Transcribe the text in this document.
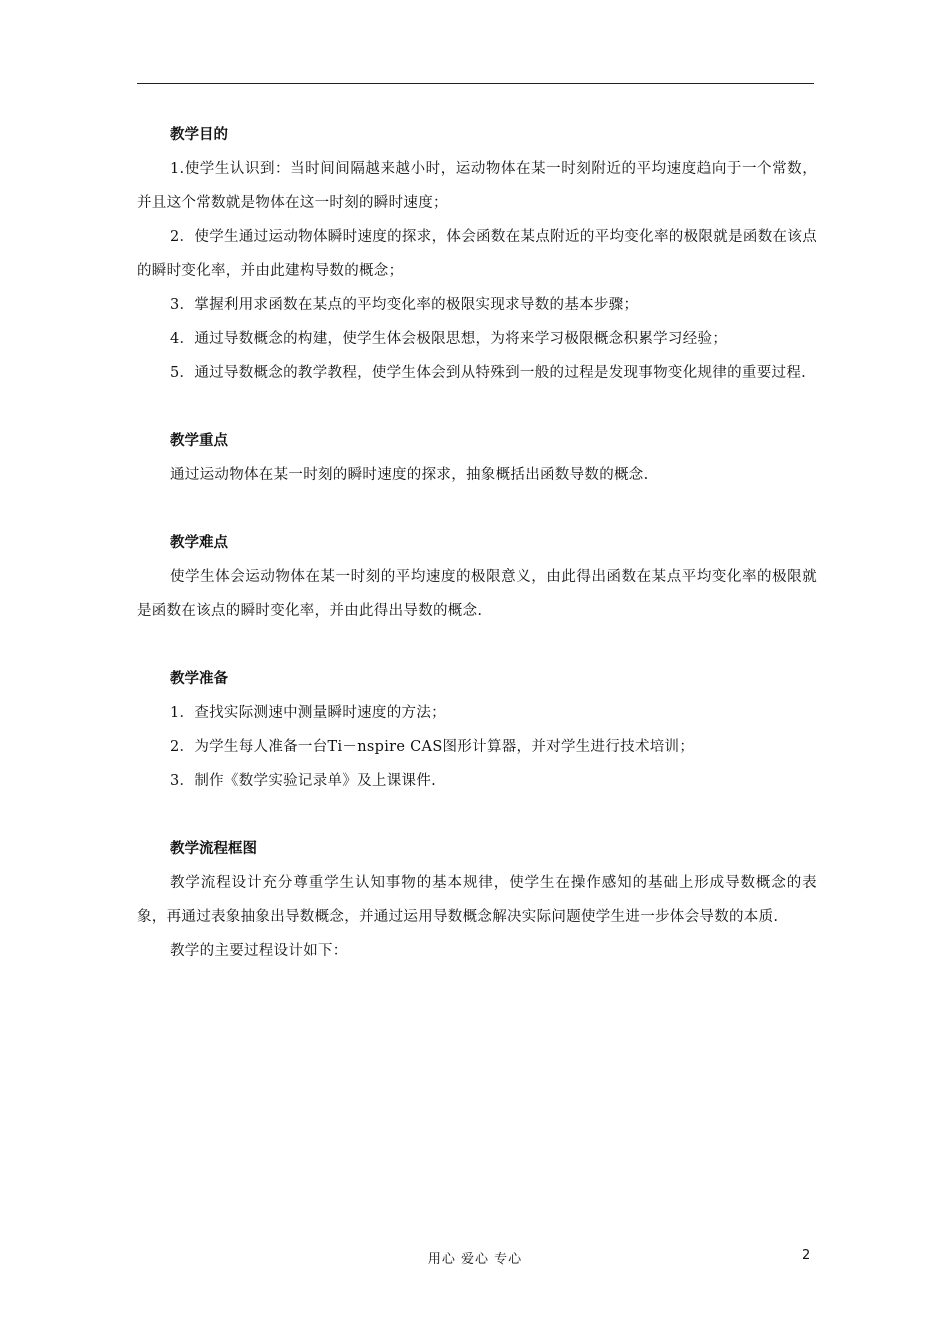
教学目的

1.使学生认识到：当时间间隔越来越小时，运动物体在某一时刻附近的平均速度趋向于一个常数，并且这个常数就是物体在这一时刻的瞬时速度；

2．使学生通过运动物体瞬时速度的探求，体会函数在某点附近的平均变化率的极限就是函数在该点的瞬时变化率，并由此建构导数的概念；

3．掌握利用求函数在某点的平均变化率的极限实现求导数的基本步骤；

4．通过导数概念的构建，使学生体会极限思想，为将来学习极限概念积累学习经验；

5．通过导数概念的教学教程，使学生体会到从特殊到一般的过程是发现事物变化规律的重要过程.

教学重点

通过运动物体在某一时刻的瞬时速度的探求，抽象概括出函数导数的概念.

教学难点

使学生体会运动物体在某一时刻的平均速度的极限意义，由此得出函数在某点平均变化率的极限就是函数在该点的瞬时变化率，并由此得出导数的概念.

教学准备

1．查找实际测速中测量瞬时速度的方法；

2．为学生每人准备一台Ti－nspire CAS图形计算器，并对学生进行技术培训；

3．制作《数学实验记录单》及上课课件.

教学流程框图

教学流程设计充分尊重学生认知事物的基本规律，使学生在操作感知的基础上形成导数概念的表象，再通过表象抽象出导数概念，并通过运用导数概念解决实际问题使学生进一步体会导数的本质.

教学的主要过程设计如下：

用心 爱心 专心	2
